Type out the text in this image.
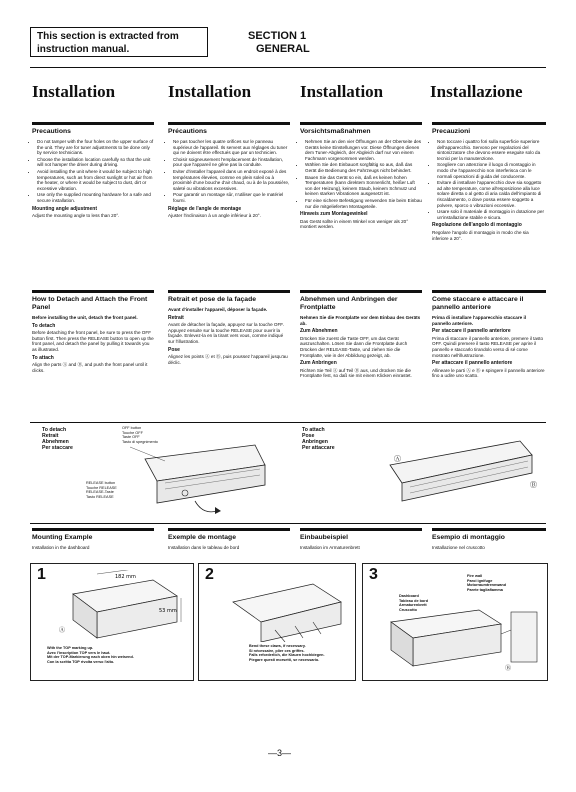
This section is extracted from
instruction manual.
SECTION 1
GENERAL
Installation	Installation	Installation	Installazione
Precautions
• Do not tamper with the four holes on the upper surface of the unit. They are for tuner adjustments to be done only by service technicians.
• Choose the installation location carefully so that the unit will not hamper the driver during driving.
• Avoid installing the unit where it would be subject to high temperatures, such as from direct sunlight or hot air from the heater, or where it would be subject to dust, dirt or excessive vibration.
• Use only the supplied mounting hardware for a safe and secure installation.
Mounting angle adjustment

Adjust the mounting angle to less than 20°.

Précautions
• Ne pas toucher les quatre orifices sur le panneau supérieur de l'appareil. Ils servent aux réglages du tuner qui ne doivent être effectués que par un technicien.
• Choisir soigneusement l'emplacement de l'installation, pour que l'appareil ne gêne pas la conduite.
• Eviter d'installer l'appareil dans un endroit exposé à des températures élevées, comme en plein soleil ou à proximité d'une bouche d'air chaud, ou à de la poussière, saleté ou vibrations excessives.
• Pour garantir un montage sûr, n'utiliser que le matériel fourni.
Réglage de l'angle de montage

Ajuster l'inclinaison à un angle inférieur à 20°.

Vorsichtsmaßnahmen
• Nehmen Sie an den vier Öffnungen an der Oberseite des Geräts keine Einstellungen vor. Diese Öffnungen dienen dem Tuner-Abgleich, der Abgleich darf nur von einem Fachmann vorgenommen werden.
• Wählen Sie den Einbauort sorgfältig so aus, daß das Gerät die Bedienung des Fahrzeugs nicht behindert.
• Bauen Sie das Gerät so ein, daß es keinen hohen Temperaturen (kann direktem Sonnenlicht, heißer Luft von der Heizung), keinem Staub, keinem Schmutz und keinen starken Vibrationen ausgesetzt ist.
• Für eine sichere Befestigung verwenden Sie beim Einbau nur die mitgelieferten Montageteile.
Hinweis zum Montagewinkel

Das Gerät sollte in einem Winkel von weniger als 20° montiert werden.

Precauzioni
• Non toccare i quattro fori sulla superficie superiore dell'apparecchio. Servono per regolazioni del sintonizzatore che devono essere eseguite solo da tecnici per la manutenzione.
• Scegliere con attenzione il luogo di montaggio in modo che l'apparecchio non interferisca con le normali operazioni di guida del conducente.
• Evitare di installare l'apparecchio dove sia soggetto ad alte temperature, come all'esposizione alla luce solare diretta o al getto di aria calda dell'impianto di riscaldamento, o dove possa essere soggetto a polvere, sporco o vibrazioni eccessive.
• Usare solo il materiale di montaggio in dotazione per un'installazione stabile e sicura.
Regolazione dell'angolo di montaggio

Regolare l'angolo di montaggio in modo che sia inferiore a 20°.

How to Detach and Attach the Front Panel

Before installing the unit, detach the front panel.

To detach

Before detaching the front panel, be sure to press the OFF button first. Then press the RELEASE button to open up the front panel, and detach the panel by pulling it towards you as illustrated.

To attach

Align the parts Ⓐ and Ⓑ, and push the front panel until it clicks.

Retrait et pose de la façade

Avant d'installer l'appareil, déposer la façade.

Retrait

Avant de détacher la façade, appuyez sur la touche OFF. Appuyez ensuite sur la touche RELEASE pour ouvrir la façade. Enlevez-la en la tirant vers vous, comme indiqué sur l'illustration.

Pose

Alignez les points Ⓐ et Ⓑ, puis poussez l'appareil jusqu'au déclic.

Abnehmen und Anbringen der Frontplatte

Nehmen Sie die Frontplatte vor dem Einbau des Geräts ab.

Zum Abnehmen

Drücken Sie zuerst die Taste OFF, um das Gerät auszuschalten. Lösen Sie dann die Frontplatte durch Drücken der RELEASE-Taste, und ziehen Sie die Frontplatte, wie in der Abbildung gezeigt, ab.

Zum Anbringen

Richten Sie Teil Ⓐ auf Teil Ⓑ aus, und drücken Sie die Frontplatte fest, so daß sie mit einem Klicken einrastet.

Come staccare e attaccare il pannello anteriore

Prima di installare l'apparecchio staccare il pannello anteriore.

Per staccare il pannello anteriore

Prima di staccare il pannello anteriore, premere il tasto OFF. Quindi premere il tasto RELEASE per aprire il pannello e staccarlo tirandolo verso di sé come mostrato nell'illustrazione.

Per attaccare il pannello anteriore

Allineare le parti Ⓐ e Ⓑ e spingere il pannello anteriore fino a udire uno scatto.

To detach
Retrait
Abnehmen
Per staccare
OFF button
Touche OFF
Taste OFF
Tasto di spegnimento
RELEASE button
Touche RELEASE
RELEASE-Taste
Tasto RELEASE
To attach
Pose
Anbringen
Per attaccare
Ⓐ
Ⓑ
Mounting Example

Installation in the dashboard

Exemple de montage

Installation dans le tableau de bord

Einbaubeispiel

Installation im Armaturenbrett

Esempio di montaggio

Installazione nel cruscotto

1	182 mm
53 mm
Ⓐ
With the TOP marking up.
Avec l'inscription TOP vers le haut.
Mit der TOP-Markierung nach oben hin weisend.
Con la scritta TOP rivolta verso l'alto.
2
Bend these claws, if necessary.
Si nécessaire, plier ces griffes.
Falls erforderlich, die Klauen hochbiegen.
Piegare questi morsetti, se necessario.
3
Dashboard
Tableau de bord
Armaturenbrett
Cruscotto
Fire wall
Paroi ignifuge
Motorraumtrennwand
Parete tagliafiamma
Ⓑ
—3—
